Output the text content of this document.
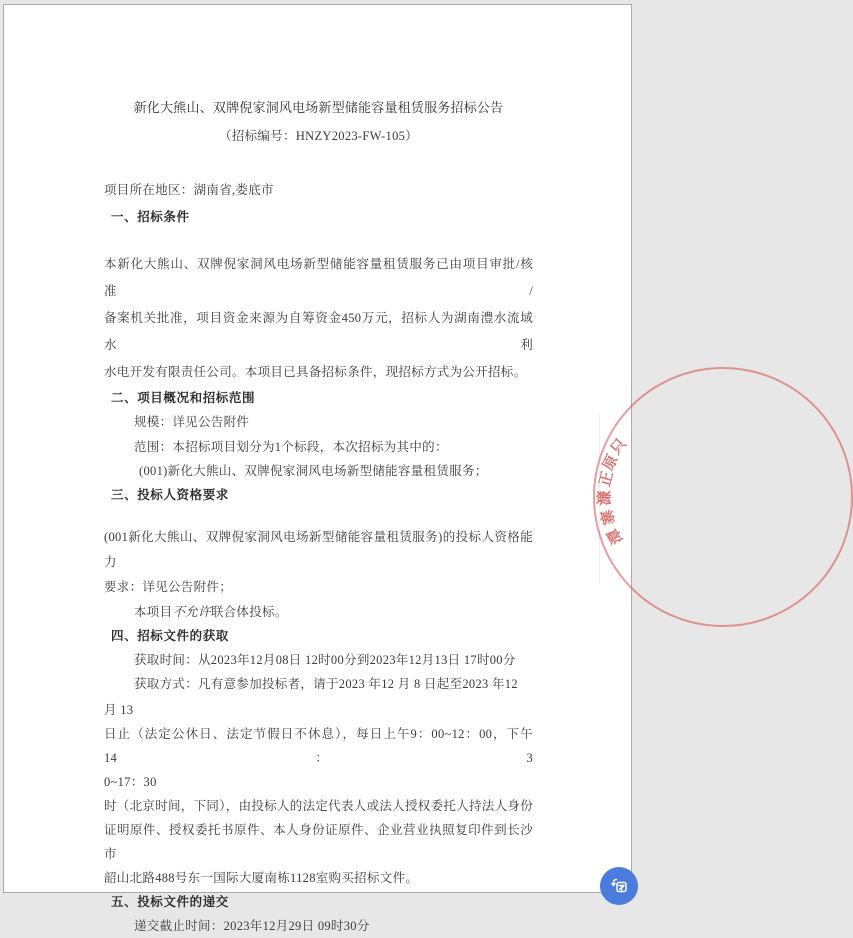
新化大熊山、双牌倪家洞风电场新型储能容量租赁服务招标公告
（招标编号：HNZY2023-FW-105）
项目所在地区：湖南省,娄底市
一、招标条件
本新化大熊山、双牌倪家洞风电场新型储能容量租赁服务已由项目审批/核准/
备案机关批准，项目资金来源为自筹资金450万元，招标人为湖南澧水流域水利
水电开发有限责任公司。本项目已具备招标条件，现招标方式为公开招标。
二、项目概况和招标范围
规模：详见公告附件
范围：本招标项目划分为1个标段，本次招标为其中的：
(001)新化大熊山、双牌倪家洞风电场新型储能容量租赁服务；
三、投标人资格要求
(001新化大熊山、双牌倪家洞风电场新型储能容量租赁服务)的投标人资格能力
要求：详见公告附件；
本项目不允许联合体投标。
四、招标文件的获取
获取时间：从2023年12月08日 12时00分到2023年12月13日 17时00分
获取方式：凡有意参加投标者，请于2023 年12 月 8 日起至2023 年12
月 13
日止（法定公休日、法定节假日不休息），每日上午9：00~12：00，下午14：3
0~17：30
时（北京时间，下同），由投标人的法定代表人或法人授权委托人持法人身份
证明原件、授权委托书原件、本人身份证原件、企业营业执照复印件到长沙市
韶山北路488号东一国际大厦南栋1128室购买招标文件。
五、投标文件的递交
递交截止时间：2023年12月29日 09时30分
只
原
正
濂
寨
潭
